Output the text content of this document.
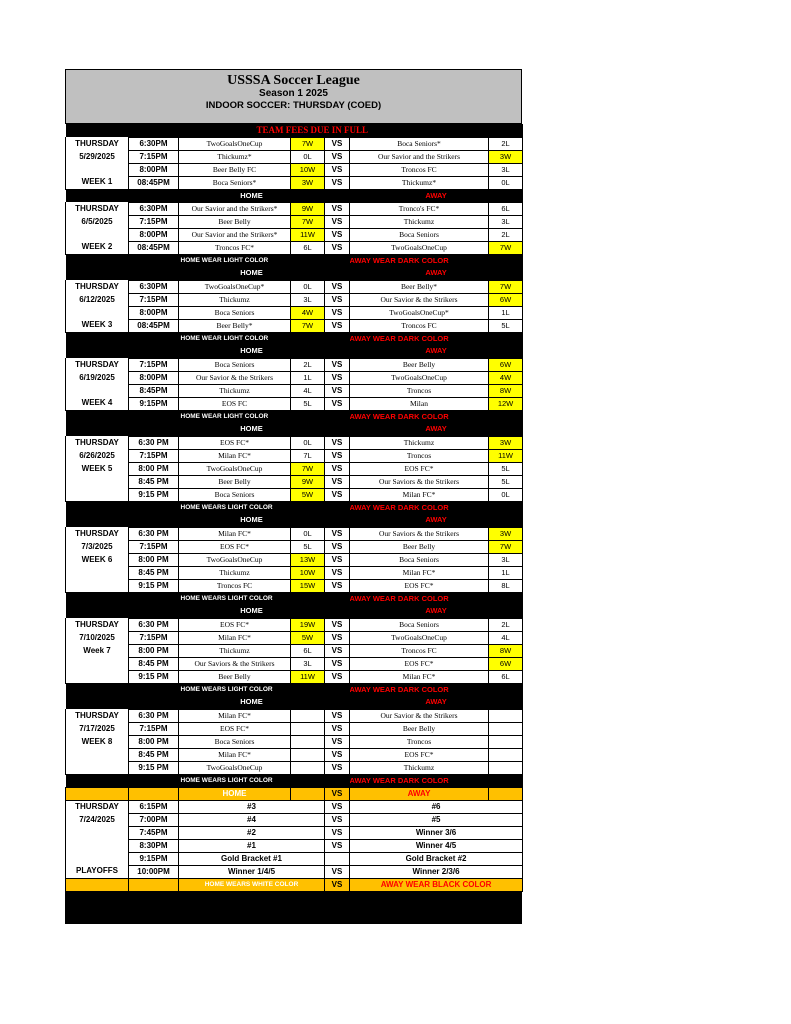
USSSA Soccer League
Season 1 2025
INDOOR SOCCER: THURSDAY (COED)
		TEAM FEES DUE IN FULL				
THURSDAY	6:30PM	TwoGoalsOneCup	7W	VS	Boca Seniors*	2L
5/29/2025	7:15PM	Thickumz*	0L	VS	Our Savior and the Strikers	3W
	8:00PM	Beer Belly FC	10W	VS	Troncos FC	3L
WEEK 1	08:45PM	Boca Seniors*	3W	VS	Thickumz*	0L
		HOME			AWAY	
THURSDAY	6:30PM	Our Savior and the Strikers*	9W	VS	Tronco's FC*	6L
6/5/2025	7:15PM	Beer Belly	7W	VS	Thickumz	3L
	8:00PM	Our Savior and the Strikers*	11W	VS	Boca Seniors	2L
WEEK 2	08:45PM	Troncos FC*	6L	VS	TwoGoalsOneCup	7W
		HOME WEAR LIGHT COLOR			AWAY WEAR DARK COLOR	
		HOME			AWAY	
THURSDAY	6:30PM	TwoGoalsOneCup*	0L	VS	Beer Belly*	7W
6/12/2025	7:15PM	Thickumz	3L	VS	Our Savior & the Strikers	6W
	8:00PM	Boca Seniors	4W	VS	TwoGoalsOneCup*	1L
WEEK 3	08:45PM	Beer Belly*	7W	VS	Troncos FC	5L
		HOME WEAR LIGHT COLOR			AWAY WEAR DARK COLOR	
		HOME			AWAY	
THURSDAY	7:15PM	Boca Seniors	2L	VS	Beer Belly	6W
6/19/2025	8:00PM	Our Savior & the Strikers	1L	VS	TwoGoalsOneCup	4W
	8:45PM	Thickumz	4L	VS	Troncos	8W
WEEK 4	9:15PM	EOS FC	5L	VS	Milan	12W
		HOME WEAR LIGHT COLOR			AWAY WEAR DARK COLOR	
		HOME			AWAY	
THURSDAY	6:30 PM	EOS FC*	0L	VS	Thickumz	3W
6/26/2025	7:15PM	Milan FC*	7L	VS	Troncos	11W
WEEK 5	8:00 PM	TwoGoalsOneCup	7W	VS	EOS FC*	5L
	8:45 PM	Beer Belly	9W	VS	Our Saviors & the Strikers	5L
	9:15 PM	Boca Seniors	5W	VS	Milan FC*	0L
		HOME WEARS LIGHT COLOR			AWAY WEAR DARK COLOR	
		HOME			AWAY	
THURSDAY	6:30 PM	Milan FC*	0L	VS	Our Saviors & the Strikers	3W
7/3/2025	7:15PM	EOS FC*	5L	VS	Beer Belly	7W
WEEK 6	8:00 PM	TwoGoalsOneCup	13W	VS	Boca Seniors	3L
	8:45 PM	Thickumz	10W	VS	Milan FC*	1L
	9:15 PM	Troncos FC	15W	VS	EOS FC*	8L
		HOME WEARS LIGHT COLOR			AWAY WEAR DARK COLOR	
		HOME			AWAY	
THURSDAY	6:30 PM	EOS FC*	19W	VS	Boca Seniors	2L
7/10/2025	7:15PM	Milan FC*	5W	VS	TwoGoalsOneCup	4L
Week 7	8:00 PM	Thickumz	6L	VS	Troncos FC	8W
	8:45 PM	Our Saviors & the Strikers	3L	VS	EOS FC*	6W
	9:15 PM	Beer Belly	11W	VS	Milan FC*	6L
		HOME WEARS LIGHT COLOR			AWAY WEAR DARK COLOR	
		HOME			AWAY	
THURSDAY	6:30 PM	Milan FC*		VS	Our Savior & the Strikers	
7/17/2025	7:15PM	EOS FC*		VS	Beer Belly	
WEEK 8	8:00 PM	Boca Seniors		VS	Troncos	
	8:45 PM	Milan FC*		VS	EOS FC*	
	9:15 PM	TwoGoalsOneCup		VS	Thickumz	
		HOME WEARS LIGHT COLOR			AWAY WEAR DARK COLOR	
		HOME		VS	AWAY	
THURSDAY	6:15PM	#3		VS	#6	
7/24/2025	7:00PM	#4		VS	#5	
	7:45PM	#2		VS	Winner 3/6	
	8:30PM	#1		VS	Winner 4/5	
	9:15PM	Gold Bracket #1			Gold Bracket #2	
PLAYOFFS	10:00PM	Winner 1/4/5		VS	Winner 2/3/6	
		HOME WEARS WHITE COLOR		VS	AWAY WEAR BLACK COLOR	
